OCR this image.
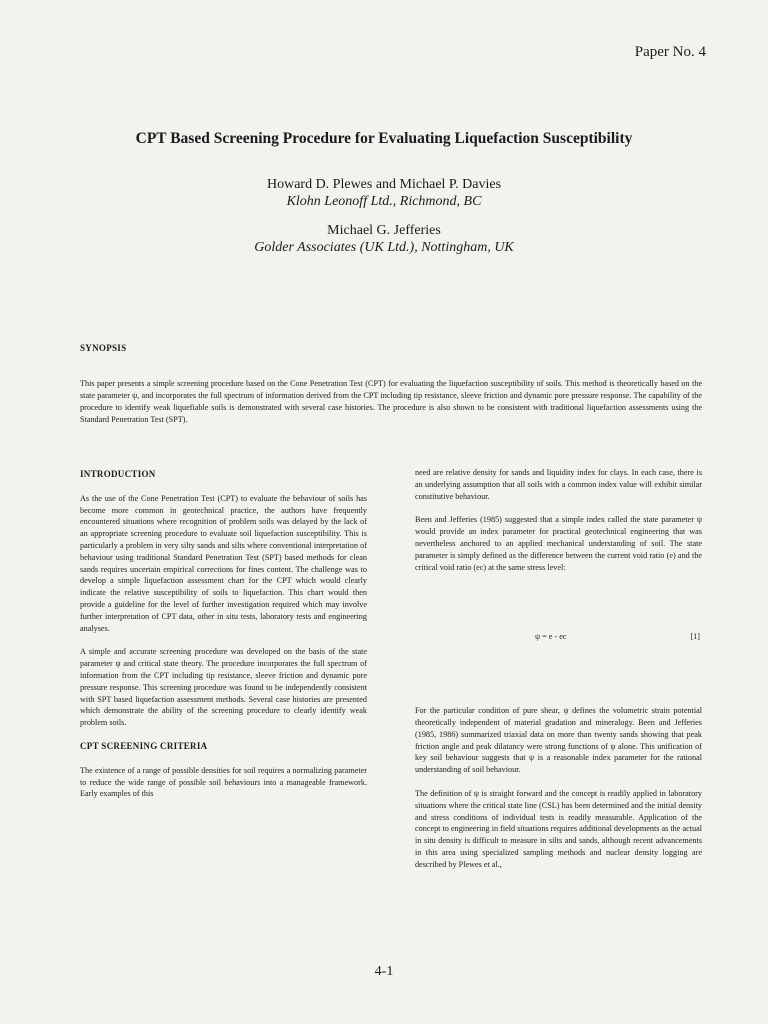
Paper No. 4
CPT Based Screening Procedure for Evaluating Liquefaction Susceptibility
Howard D. Plewes and Michael P. Davies
Klohn Leonoff Ltd., Richmond, BC
Michael G. Jefferies
Golder Associates (UK Ltd.), Nottingham, UK
SYNOPSIS
This paper presents a simple screening procedure based on the Cone Penetration Test (CPT) for evaluating the liquefaction susceptibility of soils. This method is theoretically based on the state parameter ψ, and incorporates the full spectrum of information derived from the CPT including tip resistance, sleeve friction and dynamic pore pressure response. The capability of the procedure to identify weak liquefiable soils is demonstrated with several case histories. The procedure is also shown to be consistent with traditional liquefaction assessments using the Standard Penetration Test (SPT).

INTRODUCTION

As the use of the Cone Penetration Test (CPT) to evaluate the behaviour of soils has become more common in geotechnical practice, the authors have frequently encountered situations where recognition of problem soils was delayed by the lack of an appropriate screening procedure to evaluate soil liquefaction susceptibility. This is particularly a problem in very silty sands and silts where conventional interpretation of behaviour using traditional Standard Penetration Test (SPT) based methods for clean sands requires uncertain empirical corrections for fines content. The challenge was to develop a simple liquefaction assessment chart for the CPT which would clearly indicate the relative susceptibility of soils to liquefaction. This chart would then provide a guideline for the level of further investigation required which may involve further interpretation of CPT data, other in situ tests, laboratory tests and engineering analyses.

A simple and accurate screening procedure was developed on the basis of the state parameter ψ and critical state theory. The procedure incorporates the full spectrum of information from the CPT including tip resistance, sleeve friction and dynamic pore pressure response. This screening procedure was found to be independently consistent with SPT based liquefaction assessment methods. Several case histories are presented which demonstrate the ability of the screening procedure to clearly identify weak problem soils.

CPT SCREENING CRITERIA

The existence of a range of possible densities for soil requires a normalizing parameter to reduce the wide range of possible soil behaviours into a manageable framework. Early examples of this

need are relative density for sands and liquidity index for clays. In each case, there is an underlying assumption that all soils with a common index value will exhibit similar constitutive behaviour.

Been and Jefferies (1985) suggested that a simple index called the state parameter ψ would provide an index parameter for practical geotechnical engineering that was nevertheless anchored to an applied mechanical understanding of soil. The state parameter is simply defined as the difference between the current void ratio (e) and the critical void ratio (ec) at the same stress level:

ψ = e - ec	[1]

For the particular condition of pure shear, ψ defines the volumetric strain potential theoretically independent of material gradation and mineralogy. Been and Jefferies (1985, 1986) summarized triaxial data on more than twenty sands showing that peak friction angle and peak dilatancy were strong functions of ψ alone. This unification of key soil behaviour suggests that ψ is a reasonable index parameter for the rational understanding of soil behaviour.

The definition of ψ is straight forward and the concept is readily applied in laboratory situations where the critical state line (CSL) has been determined and the initial density and stress conditions of individual tests is readily measurable. Application of the concept to engineering in field situations requires additional developments as the actual in situ density is difficult to measure in silts and sands, although recent advancements in this area using specialized sampling methods and nuclear density logging are described by Plewes et al.,

4-1
